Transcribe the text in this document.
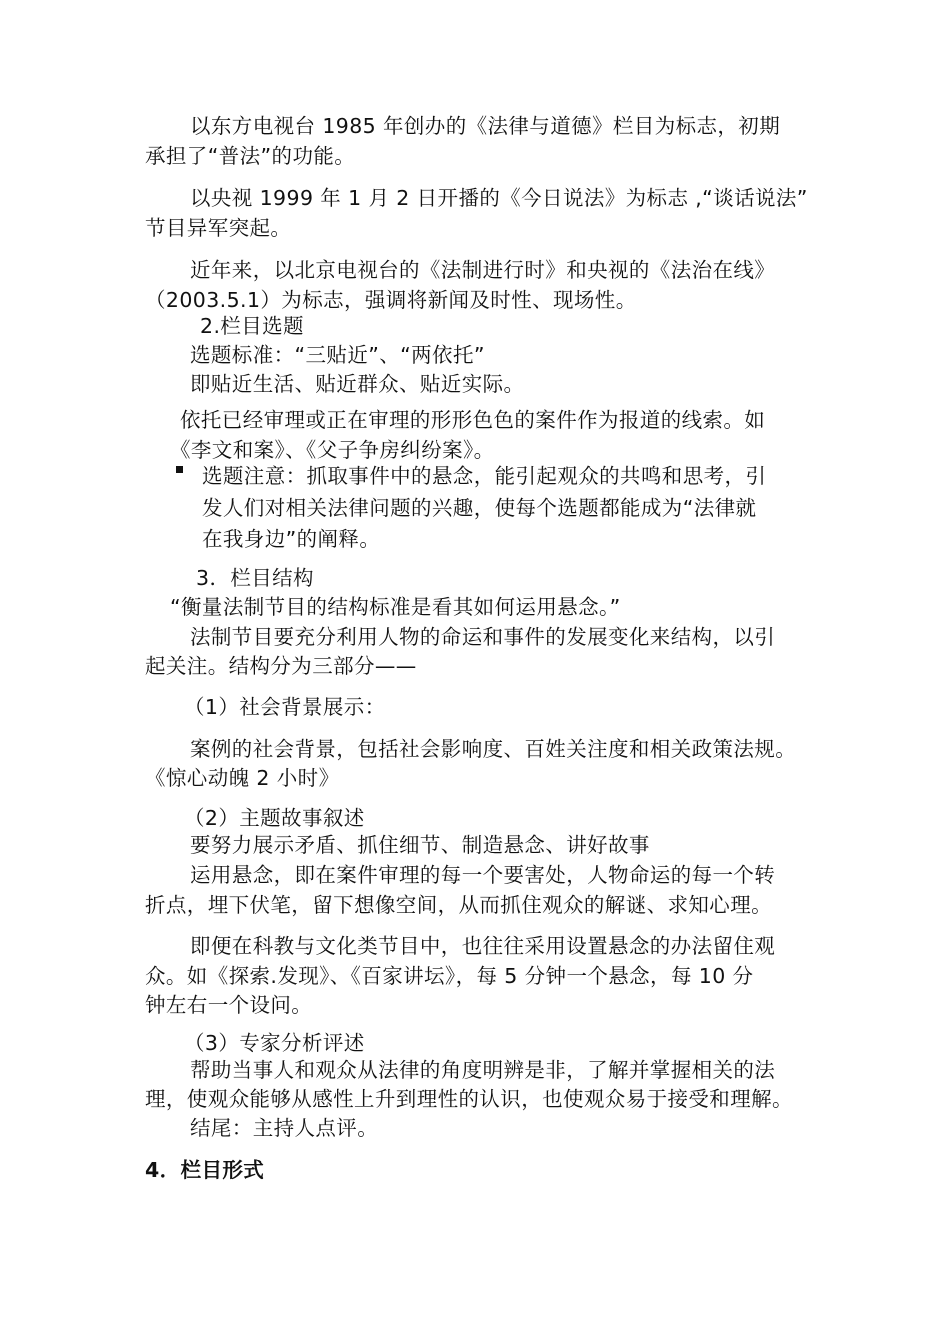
以东方电视台 1985 年创办的《法律与道德》栏目为标志，初期

承担了“普法”的功能。

以央视 1999 年 1 月 2 日开播的《今日说法》为标志 ,“谈话说法”

节目异军突起。

近年来，以北京电视台的《法制进行时》和央视的《法治在线》

（2003.5.1）为标志，强调将新闻及时性、现场性。

2.栏目选题

选题标准：“三贴近”、“两依托”

即贴近生活、贴近群众、贴近实际。

依托已经审理或正在审理的形形色色的案件作为报道的线索。如

《李文和案》、《父子争房纠纷案》。

选题注意：抓取事件中的悬念，能引起观众的共鸣和思考，引

发人们对相关法律问题的兴趣，使每个选题都能成为“法律就

在我身边”的阐释。

3．栏目结构

“衡量法制节目的结构标准是看其如何运用悬念。”

法制节目要充分利用人物的命运和事件的发展变化来结构，以引

起关注。结构分为三部分——

（1）社会背景展示：

案例的社会背景，包括社会影响度、百姓关注度和相关政策法规。

《惊心动魄 2 小时》

（2）主题故事叙述

要努力展示矛盾、抓住细节、制造悬念、讲好故事

运用悬念，即在案件审理的每一个要害处，人物命运的每一个转

折点，埋下伏笔，留下想像空间，从而抓住观众的解谜、求知心理。

即便在科教与文化类节目中，也往往采用设置悬念的办法留住观

众。如《探索.发现》、《百家讲坛》，每 5 分钟一个悬念，每 10 分

钟左右一个设问。

（3）专家分析评述

帮助当事人和观众从法律的角度明辨是非，了解并掌握相关的法

理，使观众能够从感性上升到理性的认识，也使观众易于接受和理解。

结尾：主持人点评。

4．栏目形式
